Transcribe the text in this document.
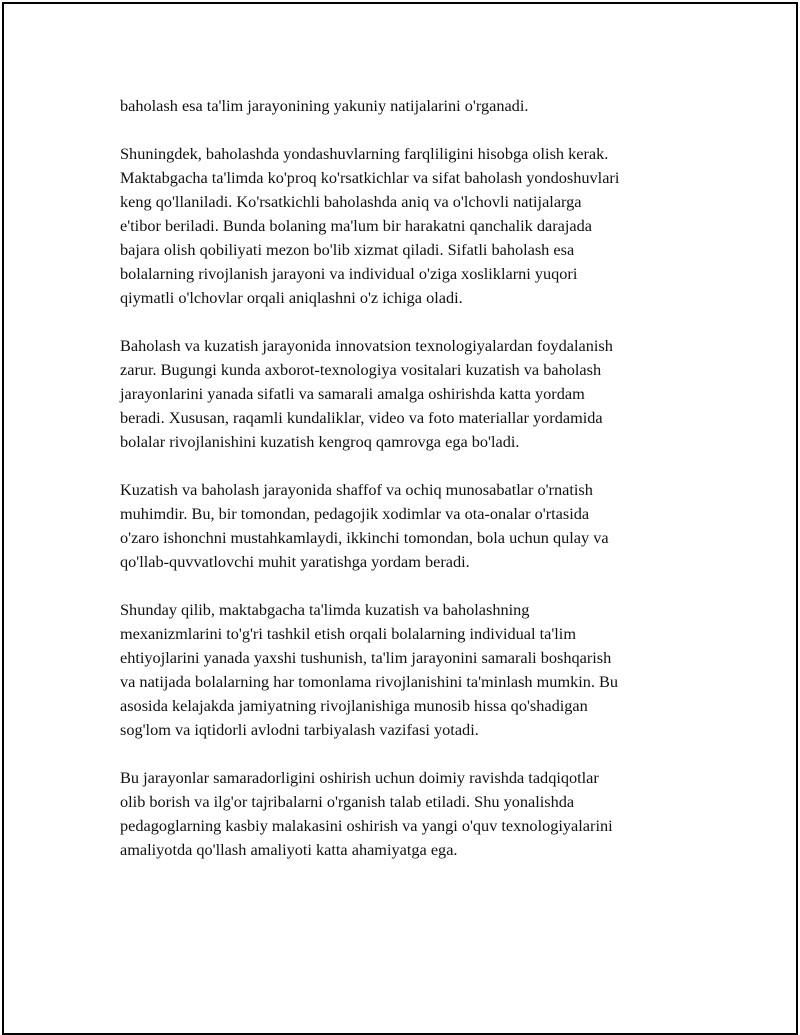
baholash esa ta'lim jarayonining yakuniy natijalarini o'rganadi.

Shuningdek, baholashda yondashuvlarning farqliligini hisobga olish kerak.
Maktabgacha ta'limda ko'proq ko'rsatkichlar va sifat baholash yondoshuvlari
keng qo'llaniladi. Ko'rsatkichli baholashda aniq va o'lchovli natijalarga
e'tibor beriladi. Bunda bolaning ma'lum bir harakatni qanchalik darajada
bajara olish qobiliyati mezon bo'lib xizmat qiladi. Sifatli baholash esa
bolalarning rivojlanish jarayoni va individual o'ziga xosliklarni yuqori
qiymatli o'lchovlar orqali aniqlashni o'z ichiga oladi.

Baholash va kuzatish jarayonida innovatsion texnologiyalardan foydalanish
zarur. Bugungi kunda axborot-texnologiya vositalari kuzatish va baholash
jarayonlarini yanada sifatli va samarali amalga oshirishda katta yordam
beradi. Xususan, raqamli kundaliklar, video va foto materiallar yordamida
bolalar rivojlanishini kuzatish kengroq qamrovga ega bo'ladi.

Kuzatish va baholash jarayonida shaffof va ochiq munosabatlar o'rnatish
muhimdir. Bu, bir tomondan, pedagojik xodimlar va ota-onalar o'rtasida
o'zaro ishonchni mustahkamlaydi, ikkinchi tomondan, bola uchun qulay va
qo'llab-quvvatlovchi muhit yaratishga yordam beradi.

Shunday qilib, maktabgacha ta'limda kuzatish va baholashning
mexanizmlarini to'g'ri tashkil etish orqali bolalarning individual ta'lim
ehtiyojlarini yanada yaxshi tushunish, ta'lim jarayonini samarali boshqarish
va natijada bolalarning har tomonlama rivojlanishini ta'minlash mumkin. Bu
asosida kelajakda jamiyatning rivojlanishiga munosib hissa qo'shadigan
sog'lom va iqtidorli avlodni tarbiyalash vazifasi yotadi.

Bu jarayonlar samaradorligini oshirish uchun doimiy ravishda tadqiqotlar
olib borish va ilg'or tajribalarni o'rganish talab etiladi. Shu yonalishda
pedagoglarning kasbiy malakasini oshirish va yangi o'quv texnologiyalarini
amaliyotda qo'llash amaliyoti katta ahamiyatga ega.
